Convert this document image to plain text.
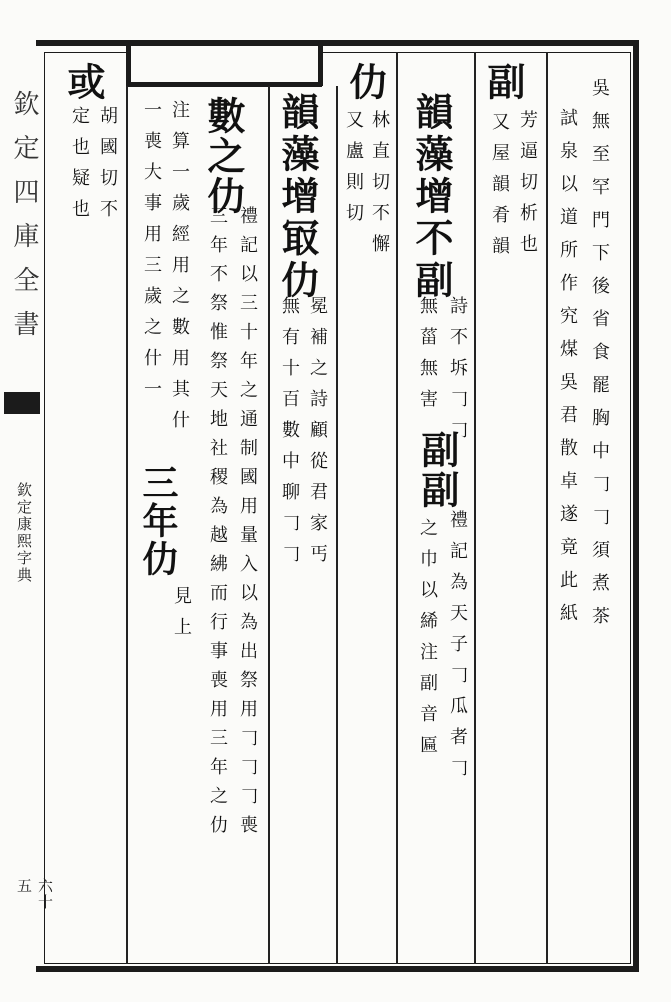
欽定四庫全書
欽定康熙字典
六十五
吳無至罕門下後省食罷胸中𠃌𠃌須煮茶
試泉以道所作究煤吳君散卓遂竟此紙
副
芳逼切析也
又屋韻肴韻
韻藻增不副
詩不坼𠃌𠃌
無菑無害
副副
禮記為天子𠃌瓜者𠃌
之巾以絺注副音匾
仂
林直切不懈
又盧則切
韻藻增冣仂
冕補之詩顧從君家丐
無有十百數中聊𠃌𠃌
數之仂
禮記以三十年之通制國用量入以為出祭用𠃌𠃌𠃌喪
三年不祭惟祭天地社稷為越紼而行事喪用三年之仂
注算一歲經用之數用其什
一喪大事用三歲之什一
三年仂
見上
或
胡國切不
定也疑也
